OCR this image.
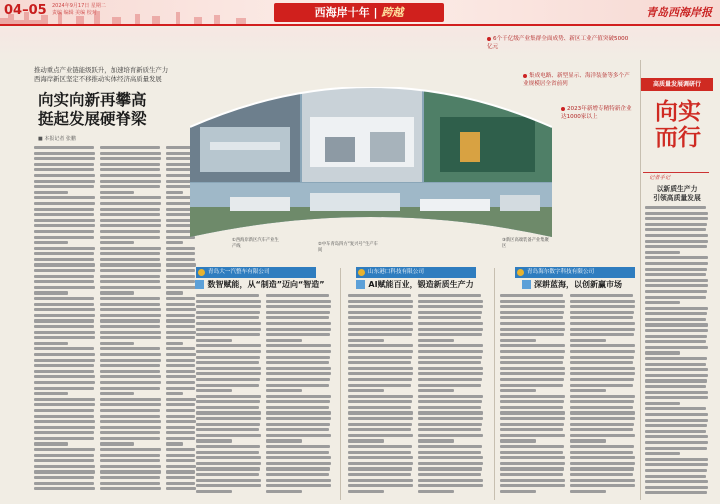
04–05 2024年9月17日 星期二
责编 编辑 美编 校对	西海岸十年 | 跨越	青岛西海岸报
推动重点产业链能级跃升，加速培育新质生产力
西海岸新区坚定不移推动实体经济高质量发展
向实向新再攀高
挺起发展硬脊梁
■ 本报记者 张鹏
①西海岸新区汽车产业生产线	②中车青岛四方“复兴号”生产车间
③新区高端装备产业集聚区
6个千亿级产业集群全面成势、新区工业产值突破5000亿元
集成电路、新型显示、海洋装备等多个产业规模居全省前列
2023年新增专精特新企业达1000家以上
高质量发展调研行
向实而行
记者手记
以新质生产力
引领高质量发展
青岛大一汽整车有限公司
数智赋能，从“制造”迈向“智造”
山东港口科技有限公司
AI赋能百业，锻造新质生产力
青岛海尔数字科技有限公司
深耕蓝海，以创新赢市场
